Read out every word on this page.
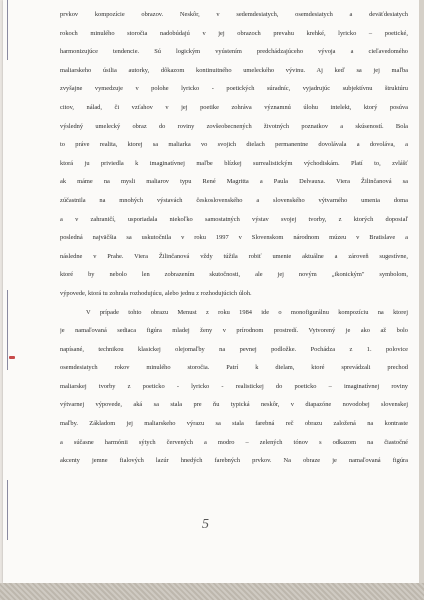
prvkov kompozície obrazov. Neskôr, v sedemdesiatych, osemdesiatych a deväťdesiatych
rokoch minulého storočia nadobúdajú v jej obrazoch prevahu krehké, lyricko – poetické,
harmonizujúce tendencie. Sú logickým vyústením predchádzajúceho vývoja a cieľavedomého
maliarskeho úsilia autorky, dôkazom kontinuitného umeleckého vývinu. Aj keď sa jej maľba
zvyšajne vymedzuje v polohe lyricko - poetických súradníc, vyjadrujúc subjektívnu štruktúru
citov, nálad, či vzťahov v jej poetike zohráva významnú úlohu intelekt, ktorý posúva
výsledný umelecký obraz do roviny zovšeobecnených životných poznatkov a skúseností. Bola
to práve realita, ktorej sa maliarka vo svojich dielach permanentne dovolávala a dovoláva, a
ktorá ju priviedla k imaginatívnej maľbe blízkej surrealistickým východiskám. Platí to, zvlášť
ak máme na mysli maliarov typu René Magritta a Paula Delvauxa. Viera Žilinčanová sa
zúčastnila na mnohých výstavách československého a slovenského výtvarného umenia doma
a v zahraničí, usporiadala niekoľko samostatných výstav svojej tvorby, z ktorých doposiaľ
posledná najväčšia sa uskutočnila v roku 1997 v Slovenskom národnom múzeu v Bratislave a
následne v Prahe. Viera Žilinčanová vždy túžila robiť umenie aktuálne a zároveň sugestívne,
ktoré by nebolo len zobrazením skutočnosti, ale jej novým „ikonickým" symbolom,
výpovede, ktorá tu zohrala rozhodujúcu, alebo jednu z rozhodujúcich úloh.
V prípade tohto obrazu Menust z roku 1984 ide o monofigurálnu kompozíciu na ktorej
je namaľovaná sediaca figúra mladej ženy v prírodnom prostredí. Vytvorený je ako až bolo
napísané, technikou klasickej olejomaľby na pevnej podložke. Pochádza z 1. polovice
osemdesiatych rokov minulého storočia. Patrí k dielam, ktoré sprevádzali prechod
maliarskej tvorby z poeticko - lyricko - realistickej do poeticko – imaginatívnej roviny
výtvarnej výpovede, aká sa stala pre ňu typická neskôr, v diapazóne novodobej slovenskej
maľby. Základom jej maliarskeho výrazu sa stala farebná reč obrazu založená na kontraste
a súčasne harmónii sýtych červených a modro – zelených tónov s odkazom na čiastočné
akcenty jemne fialových lazúr hnedých farebných prvkov. Na obraze je namaľovaná figúra
5
